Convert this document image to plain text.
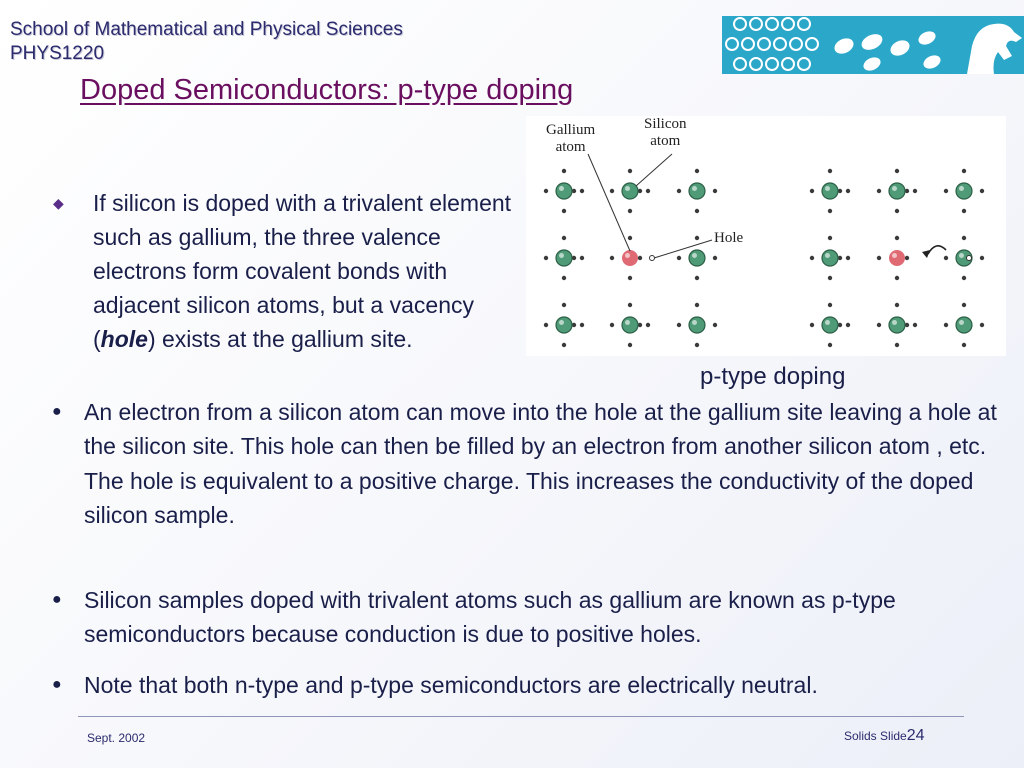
School of Mathematical and Physical Sciences
PHYS1220
Doped Semiconductors: p-type doping
Gallium
atom
Silicon
atom
Hole
p-type doping
◆ If silicon is doped with a trivalent element such as gallium, the three valence electrons form covalent bonds with adjacent silicon atoms, but a vacency (hole) exists at the gallium site.
● An electron from a silicon atom can move into the hole at the gallium site leaving a hole at the silicon site. This hole can then be filled by an electron from another silicon atom , etc. The hole is equivalent to a positive charge. This increases the conductivity of the doped silicon sample.
● Silicon samples doped with trivalent atoms such as gallium are known as p-type semiconductors because conduction is due to positive holes.
● Note that both n-type and p-type semiconductors are electrically neutral.
Sept. 2002	Solids Slide24
